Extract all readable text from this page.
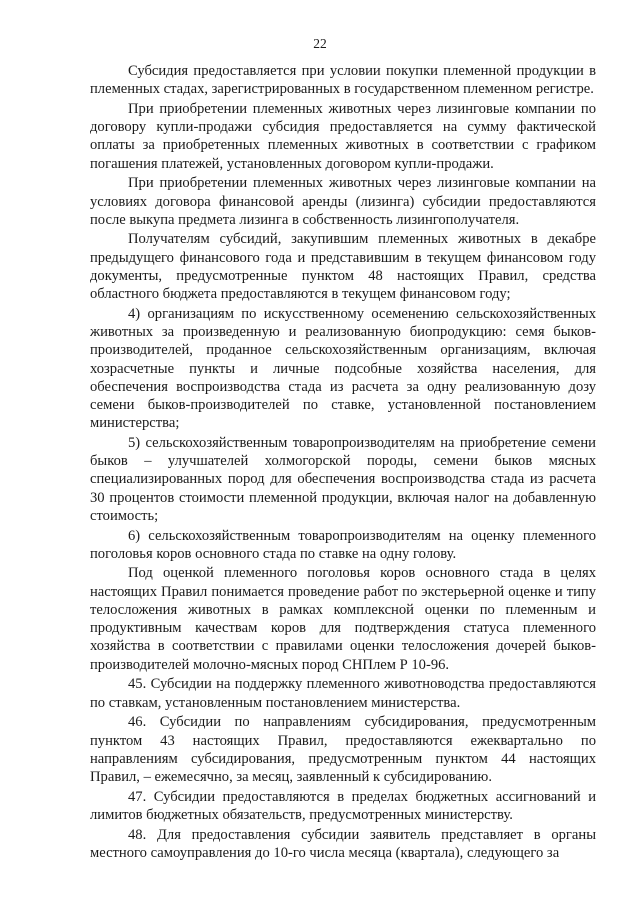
22

Субсидия предоставляется при условии покупки племенной продукции в племенных стадах, зарегистрированных в государственном племенном регистре.

При приобретении племенных животных через лизинговые компании по договору купли-продажи субсидия предоставляется на сумму фактической оплаты за приобретенных племенных животных в соответствии с графиком погашения платежей, установленных договором купли-продажи.

При приобретении племенных животных через лизинговые компании на условиях договора финансовой аренды (лизинга) субсидии предоставляются после выкупа предмета лизинга в собственность лизингополучателя.

Получателям субсидий, закупившим племенных животных в декабре предыдущего финансового года и представившим в текущем финансовом году документы, предусмотренные пунктом 48 настоящих Правил, средства областного бюджета предоставляются в текущем финансовом году;

4) организациям по искусственному осеменению сельскохозяйственных животных за произведенную и реализованную биопродукцию: семя быков-производителей, проданное сельскохозяйственным организациям, включая хозрасчетные пункты и личные подсобные хозяйства населения, для обеспечения воспроизводства стада из расчета за одну реализованную дозу семени быков-производителей по ставке, установленной постановлением министерства;

5) сельскохозяйственным товаропроизводителям на приобретение семени быков – улучшателей холмогорской породы, семени быков мясных специализированных пород для обеспечения воспроизводства стада из расчета 30 процентов стоимости племенной продукции, включая налог на добавленную стоимость;

6) сельскохозяйственным товаропроизводителям на оценку племенного поголовья коров основного стада по ставке на одну голову.

Под оценкой племенного поголовья коров основного стада в целях настоящих Правил понимается проведение работ по экстерьерной оценке и типу телосложения животных в рамках комплексной оценки по племенным и продуктивным качествам коров для подтверждения статуса племенного хозяйства в соответствии с правилами оценки телосложения дочерей быков-производителей молочно-мясных пород СНПлем Р 10-96.

45. Субсидии на поддержку племенного животноводства предоставляются по ставкам, установленным постановлением министерства.

46. Субсидии по направлениям субсидирования, предусмотренным пунктом 43 настоящих Правил, предоставляются ежеквартально по направлениям субсидирования, предусмотренным пунктом 44 настоящих Правил, – ежемесячно, за месяц, заявленный к субсидированию.

47. Субсидии предоставляются в пределах бюджетных ассигнований и лимитов бюджетных обязательств, предусмотренных министерству.

48. Для предоставления субсидии заявитель представляет в органы местного самоуправления до 10-го числа месяца (квартала), следующего за
